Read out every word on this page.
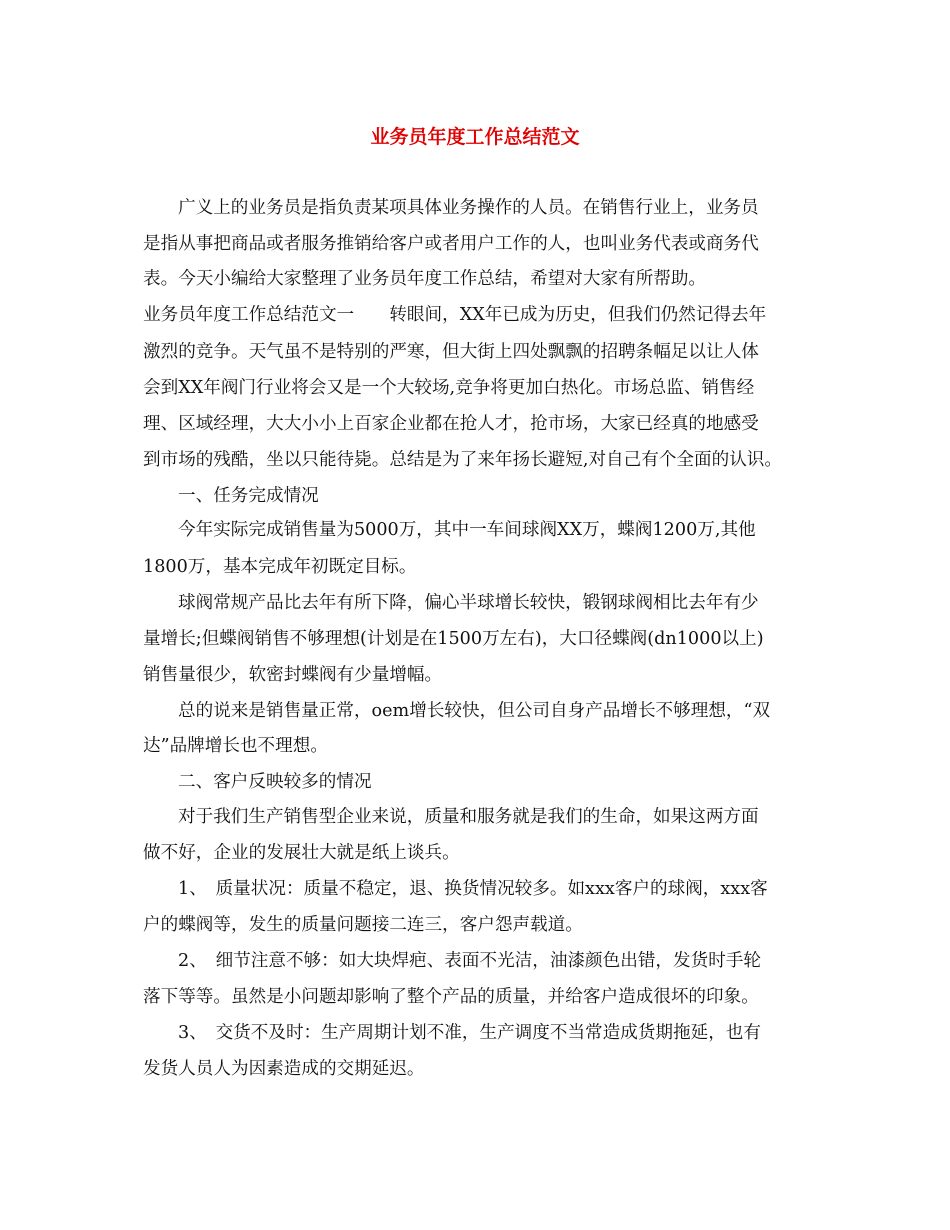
业务员年度工作总结范文

广义上的业务员是指负责某项具体业务操作的人员。在销售行业上，业务员

是指从事把商品或者服务推销给客户或者用户工作的人，也叫业务代表或商务代

表。今天小编给大家整理了业务员年度工作总结，希望对大家有所帮助。

业务员年度工作总结范文一　　转眼间，XX年已成为历史，但我们仍然记得去年

激烈的竞争。天气虽不是特别的严寒，但大街上四处飘飘的招聘条幅足以让人体

会到XX年阀门行业将会又是一个大较场,竞争将更加白热化。市场总监、销售经

理、区域经理，大大小小上百家企业都在抢人才，抢市场，大家已经真的地感受

到市场的残酷，坐以只能待毙。总结是为了来年扬长避短,对自己有个全面的认识。

一、任务完成情况

今年实际完成销售量为5000万，其中一车间球阀XX万，蝶阀1200万,其他

1800万，基本完成年初既定目标。

球阀常规产品比去年有所下降，偏心半球增长较快，锻钢球阀相比去年有少

量增长;但蝶阀销售不够理想(计划是在1500万左右)，大口径蝶阀(dn1000以上)

销售量很少，软密封蝶阀有少量增幅。

总的说来是销售量正常，oem增长较快，但公司自身产品增长不够理想，“双

达”品牌增长也不理想。

二、客户反映较多的情况

对于我们生产销售型企业来说，质量和服务就是我们的生命，如果这两方面

做不好，企业的发展壮大就是纸上谈兵。

1、　质量状况：质量不稳定，退、换货情况较多。如xxx客户的球阀，xxx客

户的蝶阀等，发生的质量问题接二连三，客户怨声载道。

2、　细节注意不够：如大块焊疤、表面不光洁，油漆颜色出错，发货时手轮

落下等等。虽然是小问题却影响了整个产品的质量，并给客户造成很坏的印象。

3、　交货不及时：生产周期计划不准，生产调度不当常造成货期拖延，也有

发货人员人为因素造成的交期延迟。
